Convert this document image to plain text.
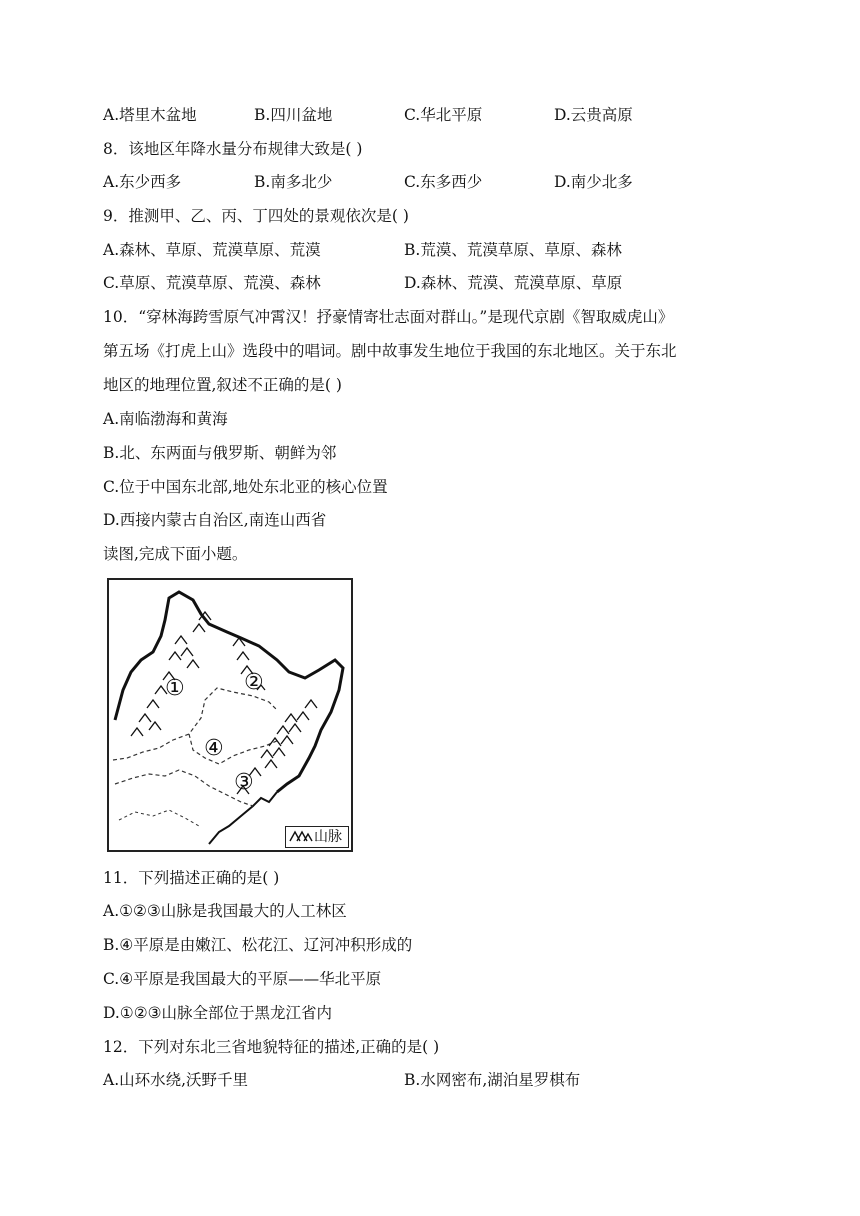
A.塔里木盆地	B.四川盆地	C.华北平原	D.云贵高原
8．该地区年降水量分布规律大致是( )
A.东少西多	B.南多北少	C.东多西少	D.南少北多
9．推测甲、乙、丙、丁四处的景观依次是( )
A.森林、草原、荒漠草原、荒漠	B.荒漠、荒漠草原、草原、森林
C.草原、荒漠草原、荒漠、森林	D.森林、荒漠、荒漠草原、草原
10．“穿林海跨雪原气冲霄汉！抒豪情寄壮志面对群山。”是现代京剧《智取威虎山》
第五场《打虎上山》选段中的唱词。剧中故事发生地位于我国的东北地区。关于东北
地区的地理位置,叙述不正确的是( )
A.南临渤海和黄海
B.北、东两面与俄罗斯、朝鲜为邻
C.位于中国东北部,地处东北亚的核心位置
D.西接内蒙古自治区,南连山西省
读图,完成下面小题。
①	②
③
④
山脉
11．下列描述正确的是( )
A.①②③山脉是我国最大的人工林区
B.④平原是由嫩江、松花江、辽河冲积形成的
C.④平原是我国最大的平原——华北平原
D.①②③山脉全部位于黑龙江省内
12．下列对东北三省地貌特征的描述,正确的是( )
A.山环水绕,沃野千里	B.水网密布,湖泊星罗棋布
